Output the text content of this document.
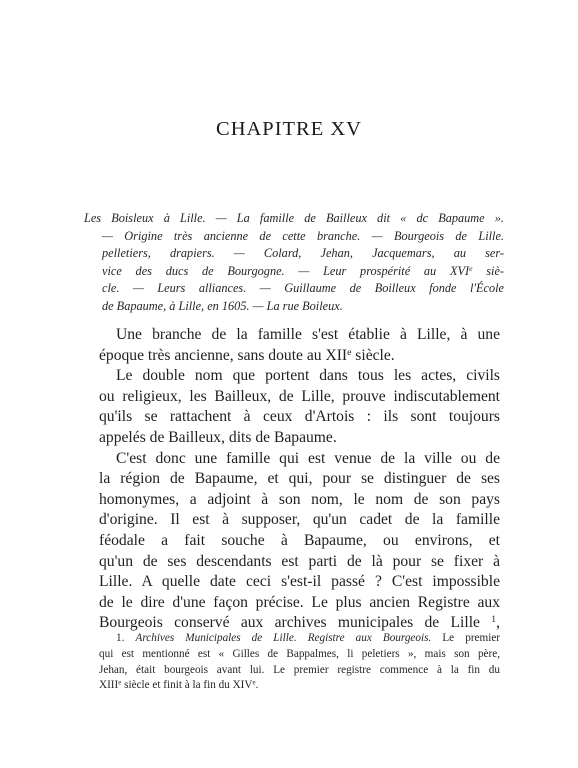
CHAPITRE XV
Les Boisleux à Lille. — La famille de Bailleux dit « dc Bapaume ».
— Origine très ancienne de cette branche. — Bourgeois de Lille.
pelletiers, drapiers. — Colard, Jehan, Jacquemars, au ser-
vice des ducs de Bourgogne. — Leur prospérité au XVIe siè-
cle. — Leurs alliances. — Guillaume de Boilleux fonde l'École
de Bapaume, à Lille, en 1605. — La rue Boileux.
Une branche de la famille s'est établie à Lille, à une
époque très ancienne, sans doute au XIIe siècle.
Le double nom que portent dans tous les actes, civils
ou religieux, les Bailleux, de Lille, prouve indiscutablement
qu'ils se rattachent à ceux d'Artois : ils sont toujours
appelés de Bailleux, dits de Bapaume.
C'est donc une famille qui est venue de la ville ou de
la région de Bapaume, et qui, pour se distinguer de ses
homonymes, a adjoint à son nom, le nom de son pays
d'origine. Il est à supposer, qu'un cadet de la famille
féodale a fait souche à Bapaume, ou environs, et
qu'un de ses descendants est parti de là pour se fixer à
Lille. A quelle date ceci s'est-il passé ? C'est impossible
de le dire d'une façon précise. Le plus ancien Registre aux
Bourgeois conservé aux archives municipales de Lille $^1$,
1. Archives Municipales de Lille. Registre aux Bourgeois. Le premier
qui est mentionné est « Gilles de Bappalmes, li peletiers », mais son père,
Jehan, était bourgeois avant lui. Le premier registre commence à la fin du
XIIIe siècle et finit à la fin du XIVe.
